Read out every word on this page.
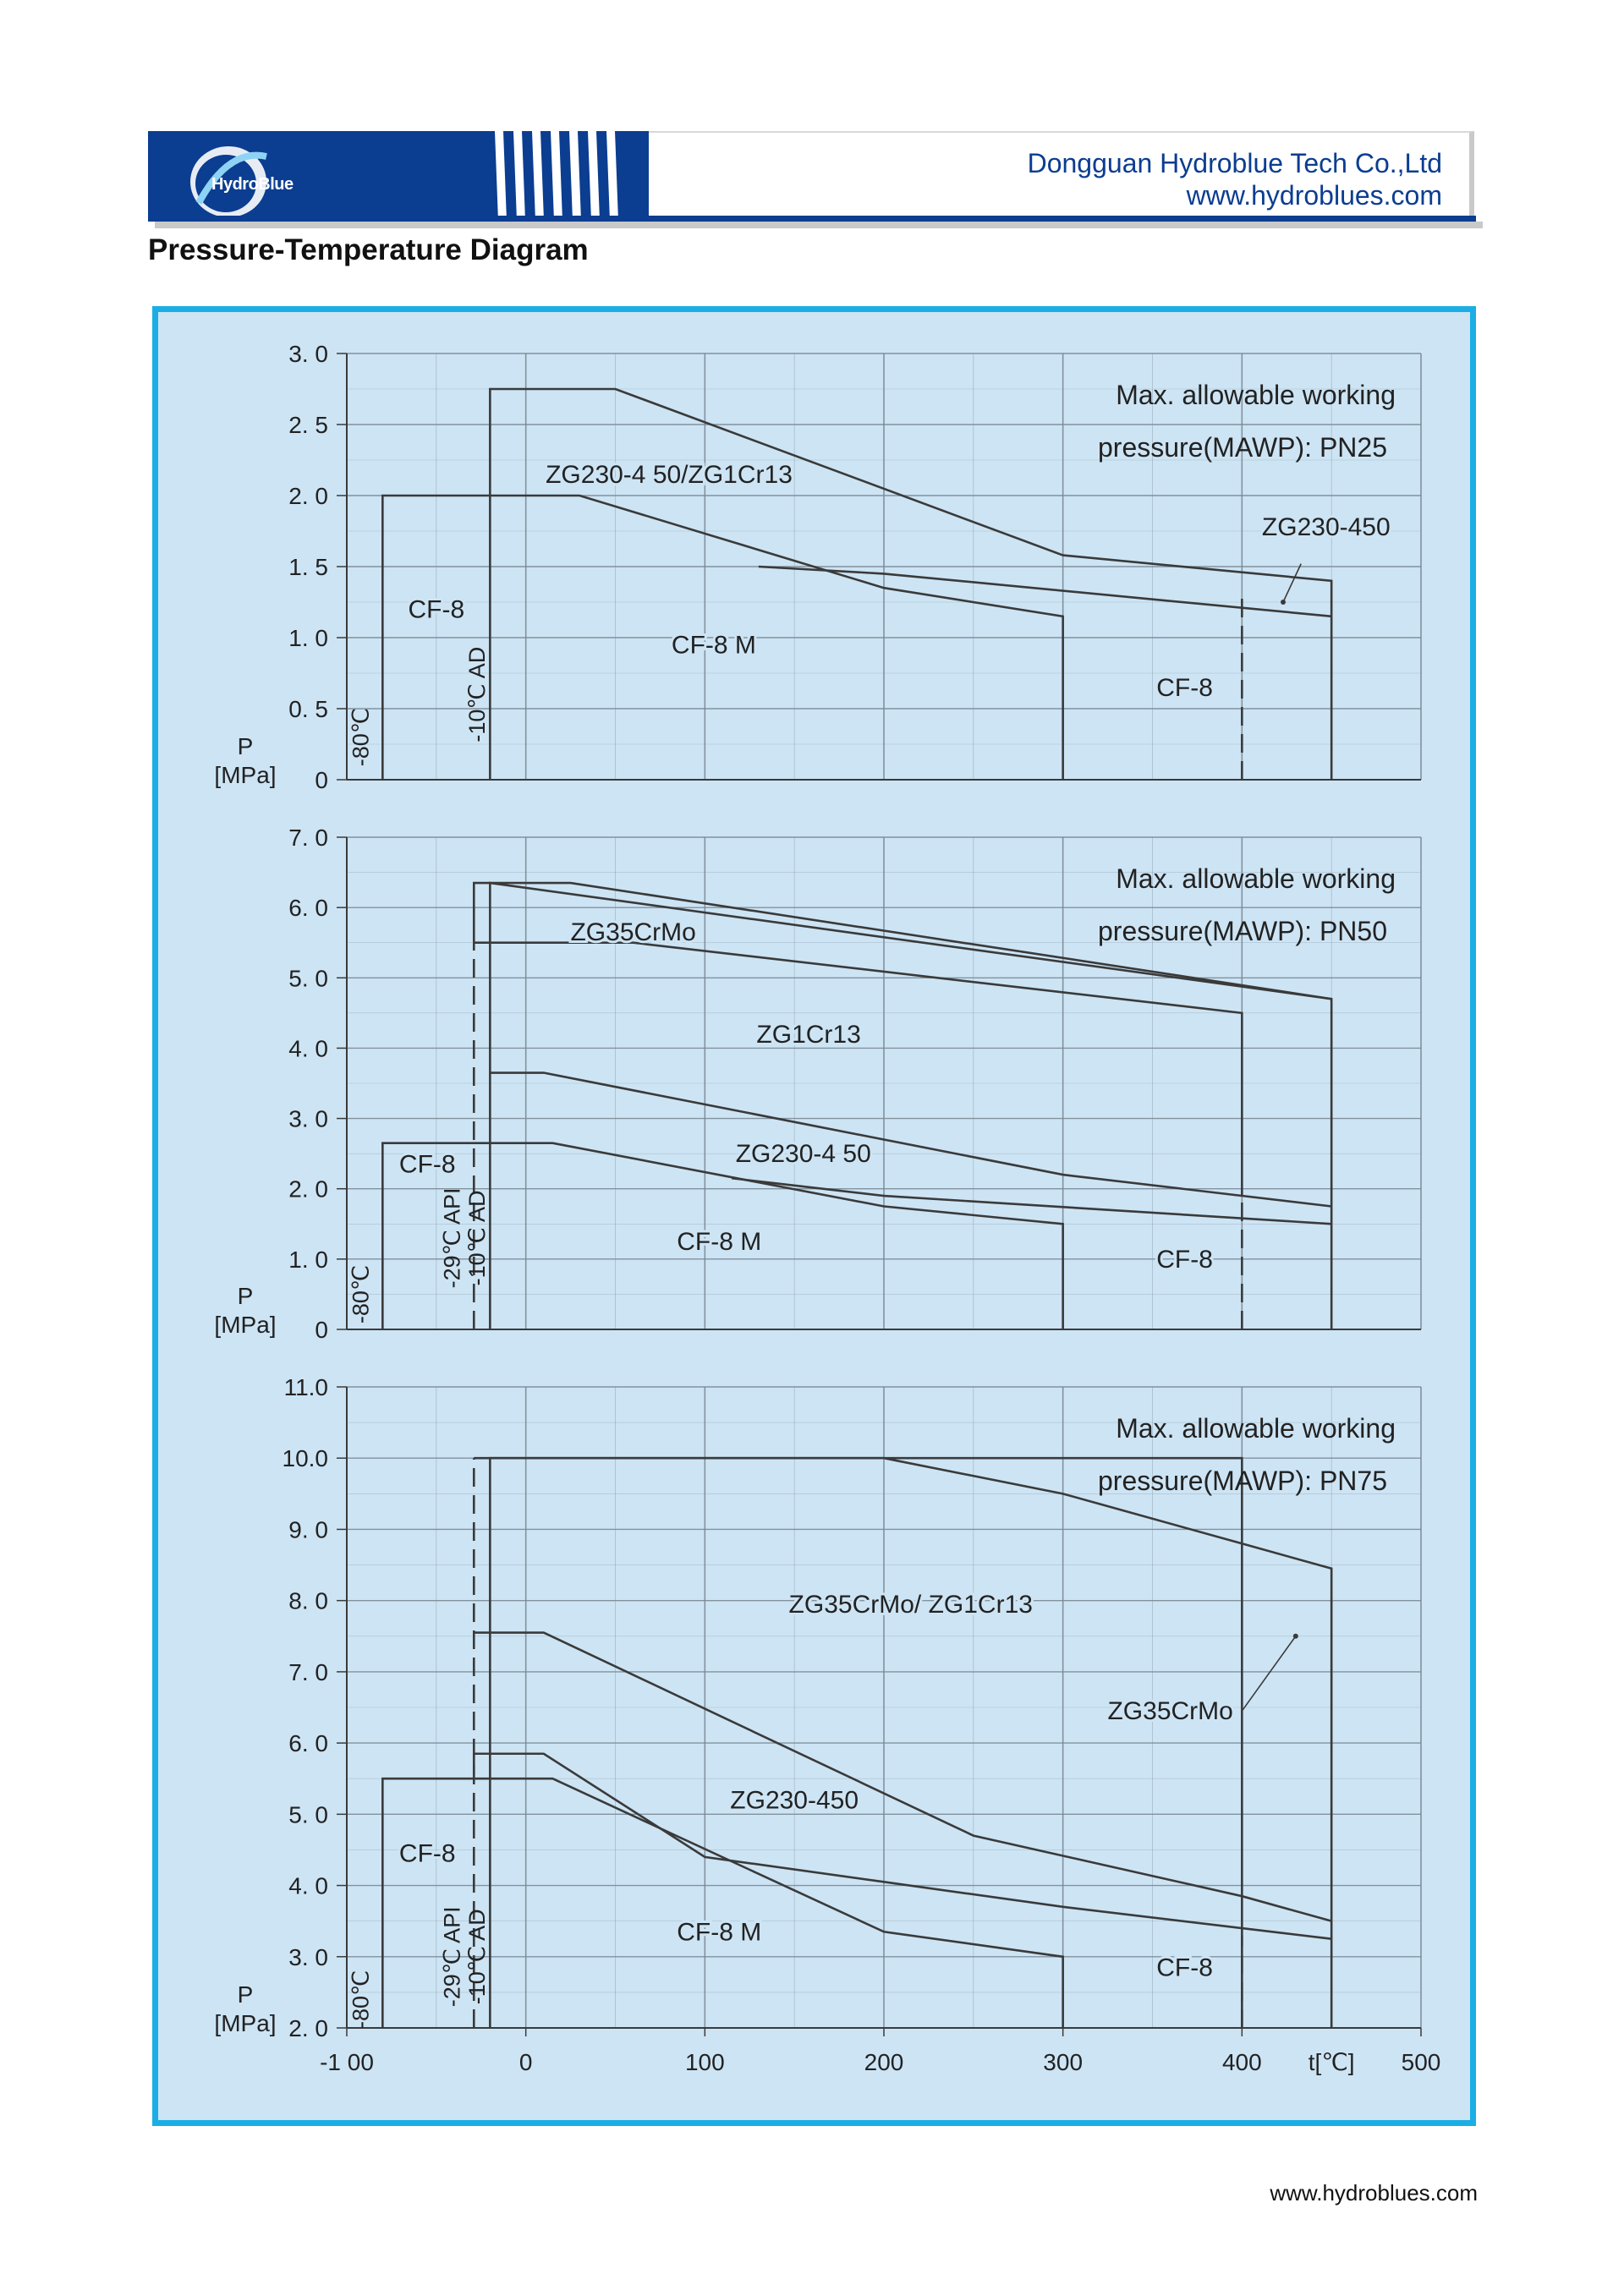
HydroBlue
Dongguan Hydroblue Tech Co.,Ltd
www.hydroblues.com
Pressure-Temperature Diagram
0
0. 5
1. 0
1. 5
2. 0
2. 5
3. 0
P
[MPa]
Max. allowable working
pressure(MAWP): PN25
-80℃	-10℃ AD
ZG230-4 50/ZG1Cr13
CF-8
CF-8 M
ZG230-450
CF-8
0
1. 0
2. 0
3. 0
4. 0
5. 0
6. 0
7. 0
P
[MPa]
Max. allowable working
pressure(MAWP): PN50
-80℃
-29℃ API -10℃ AD
ZG35CrMo
ZG1Cr13
ZG230-4 50
CF-8
CF-8 M
CF-8
2. 0
3. 0
4. 0
5. 0
6. 0
7. 0
8. 0
9. 0
10.0
11.0
P
[MPa]
Max. allowable working
pressure(MAWP): PN75
-80℃	-29℃ API -10℃ AD
ZG35CrMo/ ZG1Cr13
ZG35CrMo
ZG230-450
CF-8
CF-8 M
CF-8
-1 00	0	100	200	300	400	500
t[℃]
www.hydroblues.com
